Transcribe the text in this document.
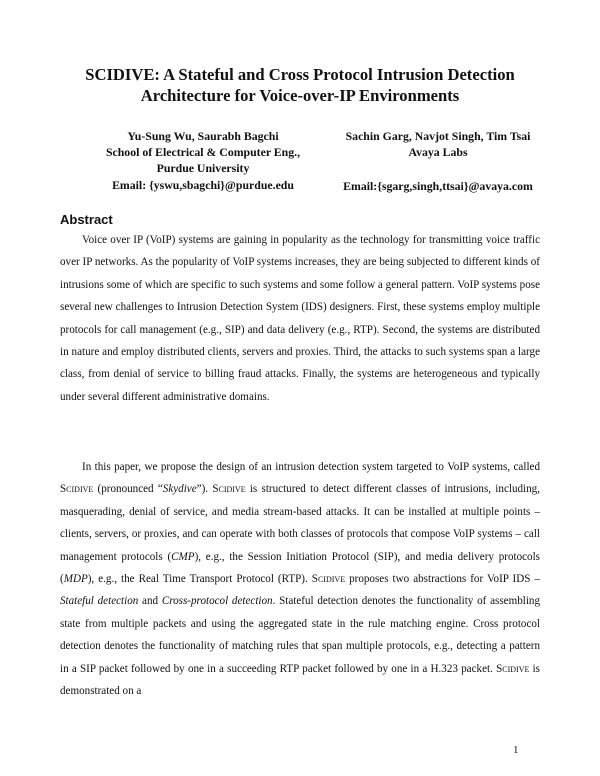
SCIDIVE: A Stateful and Cross Protocol Intrusion Detection
Architecture for Voice-over-IP Environments
Yu-Sung Wu, Saurabh Bagchi
School of Electrical & Computer Eng.,
Purdue University
Email: {yswu,sbagchi}@purdue.edu
Sachin Garg, Navjot Singh, Tim Tsai
Avaya Labs
Email:{sgarg,singh,ttsai}@avaya.com
Abstract
Voice over IP (VoIP) systems are gaining in popularity as the technology for transmitting voice traffic over IP networks. As the popularity of VoIP systems increases, they are being subjected to different kinds of intrusions some of which are specific to such systems and some follow a general pattern. VoIP systems pose several new challenges to Intrusion Detection System (IDS) designers. First, these systems employ multiple protocols for call management (e.g., SIP) and data delivery (e.g., RTP). Second, the systems are distributed in nature and employ distributed clients, servers and proxies. Third, the attacks to such systems span a large class, from denial of service to billing fraud attacks. Finally, the systems are heterogeneous and typically under several different administrative domains.
In this paper, we propose the design of an intrusion detection system targeted to VoIP systems, called Scidive (pronounced “Skydive”). Scidive is structured to detect different classes of intrusions, including, masquerading, denial of service, and media stream-based attacks. It can be installed at multiple points – clients, servers, or proxies, and can operate with both classes of protocols that compose VoIP systems – call management protocols (CMP), e.g., the Session Initiation Protocol (SIP), and media delivery protocols (MDP), e.g., the Real Time Transport Protocol (RTP). Scidive proposes two abstractions for VoIP IDS – Stateful detection and Cross-protocol detection. Stateful detection denotes the functionality of assembling state from multiple packets and using the aggregated state in the rule matching engine. Cross protocol detection denotes the functionality of matching rules that span multiple protocols, e.g., detecting a pattern in a SIP packet followed by one in a succeeding RTP packet followed by one in a H.323 packet. Scidive is demonstrated on a
1
